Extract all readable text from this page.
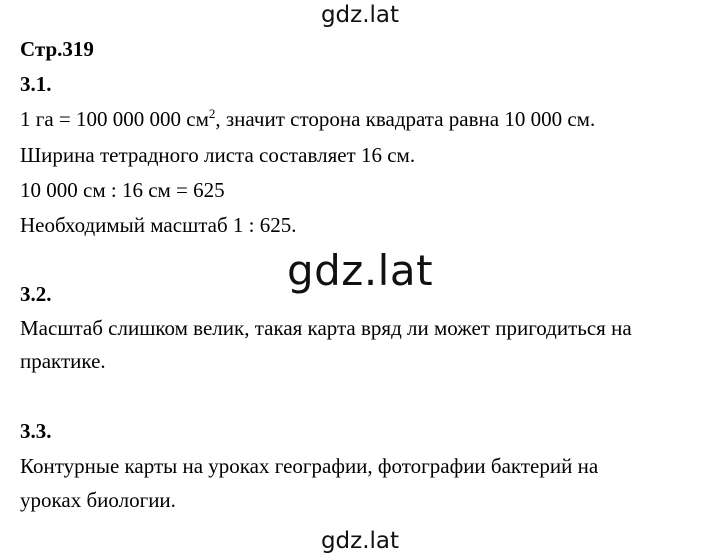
gdz.lat
Стр.319
3.1.
1 га = 100 000 000 $см^2$, значит сторона квадрата равна 10 000 см.
Ширина тетрадного листа составляет 16 см.
10 000 см : 16 см = 625
Необходимый масштаб 1 : 625.
gdz.lat
3.2.
Масштаб слишком велик, такая карта вряд ли может пригодиться на
практике.
3.3.
Контурные карты на уроках географии, фотографии бактерий на
уроках биологии.
gdz.lat
